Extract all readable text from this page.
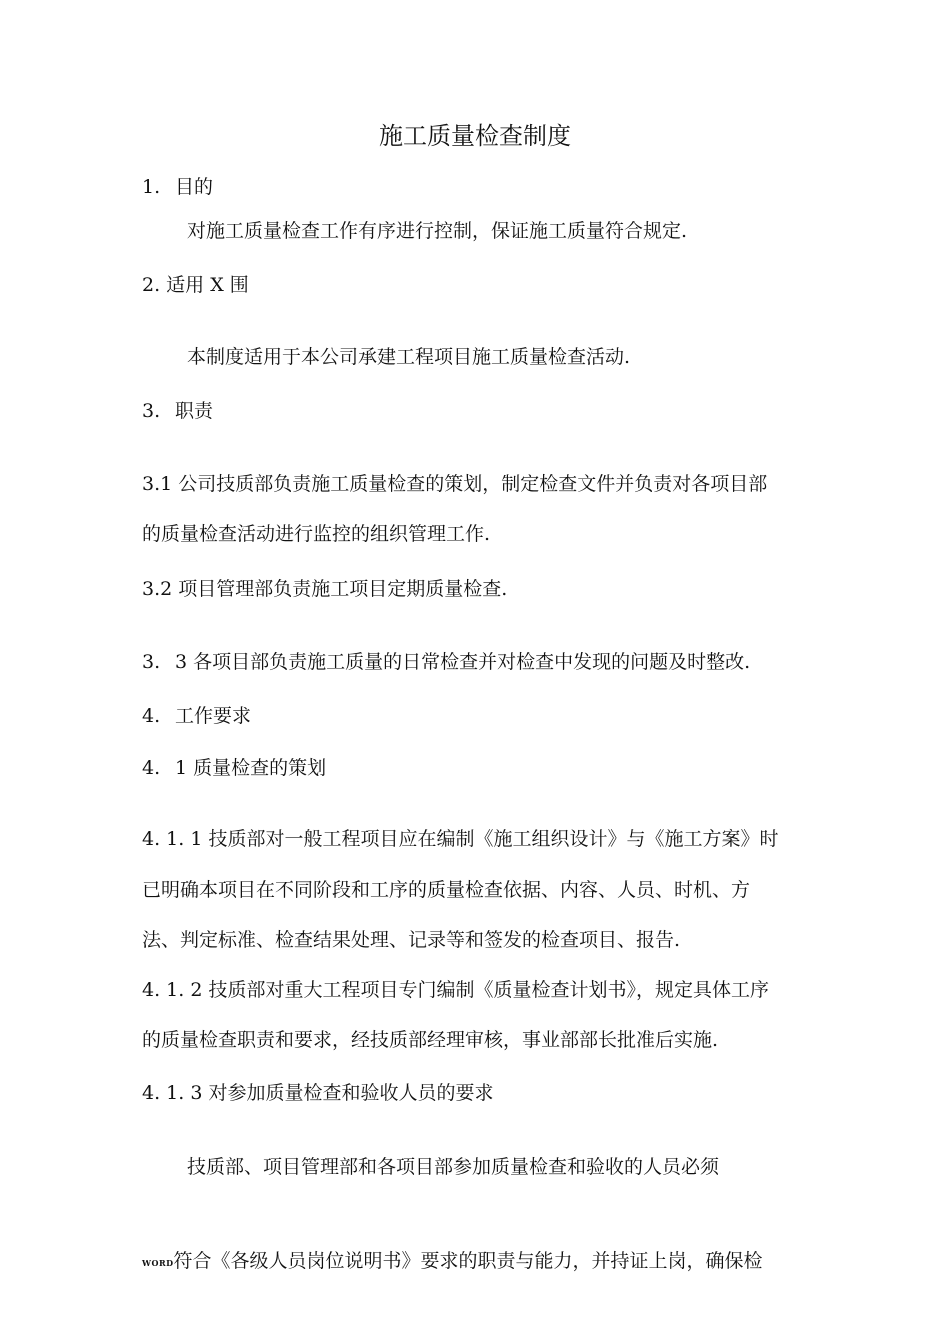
施工质量检查制度
1. 目的
对施工质量检查工作有序进行控制，保证施工质量符合规定.
2. 适用 X 围
本制度适用于本公司承建工程项目施工质量检查活动.
3. 职责
3.1 公司技质部负责施工质量检查的策划，制定检查文件并负责对各项目部
的质量检查活动进行监控的组织管理工作.
3.2 项目管理部负责施工项目定期质量检查.
3. 3 各项目部负责施工质量的日常检查并对检查中发现的问题及时整改.
4. 工作要求
4. 1 质量检查的策划
4. 1. 1 技质部对一般工程项目应在编制《施工组织设计》与《施工方案》时
已明确本项目在不同阶段和工序的质量检查依据、内容、人员、时机、方
法、判定标准、检查结果处理、记录等和签发的检查项目、报告.
4. 1. 2 技质部对重大工程项目专门编制《质量检查计划书》，规定具体工序
的质量检查职责和要求，经技质部经理审核，事业部部长批准后实施.
4. 1. 3 对参加质量检查和验收人员的要求
技质部、项目管理部和各项目部参加质量检查和验收的人员必须
WORD符合《各级人员岗位说明书》要求的职责与能力，并持证上岗，确保检
